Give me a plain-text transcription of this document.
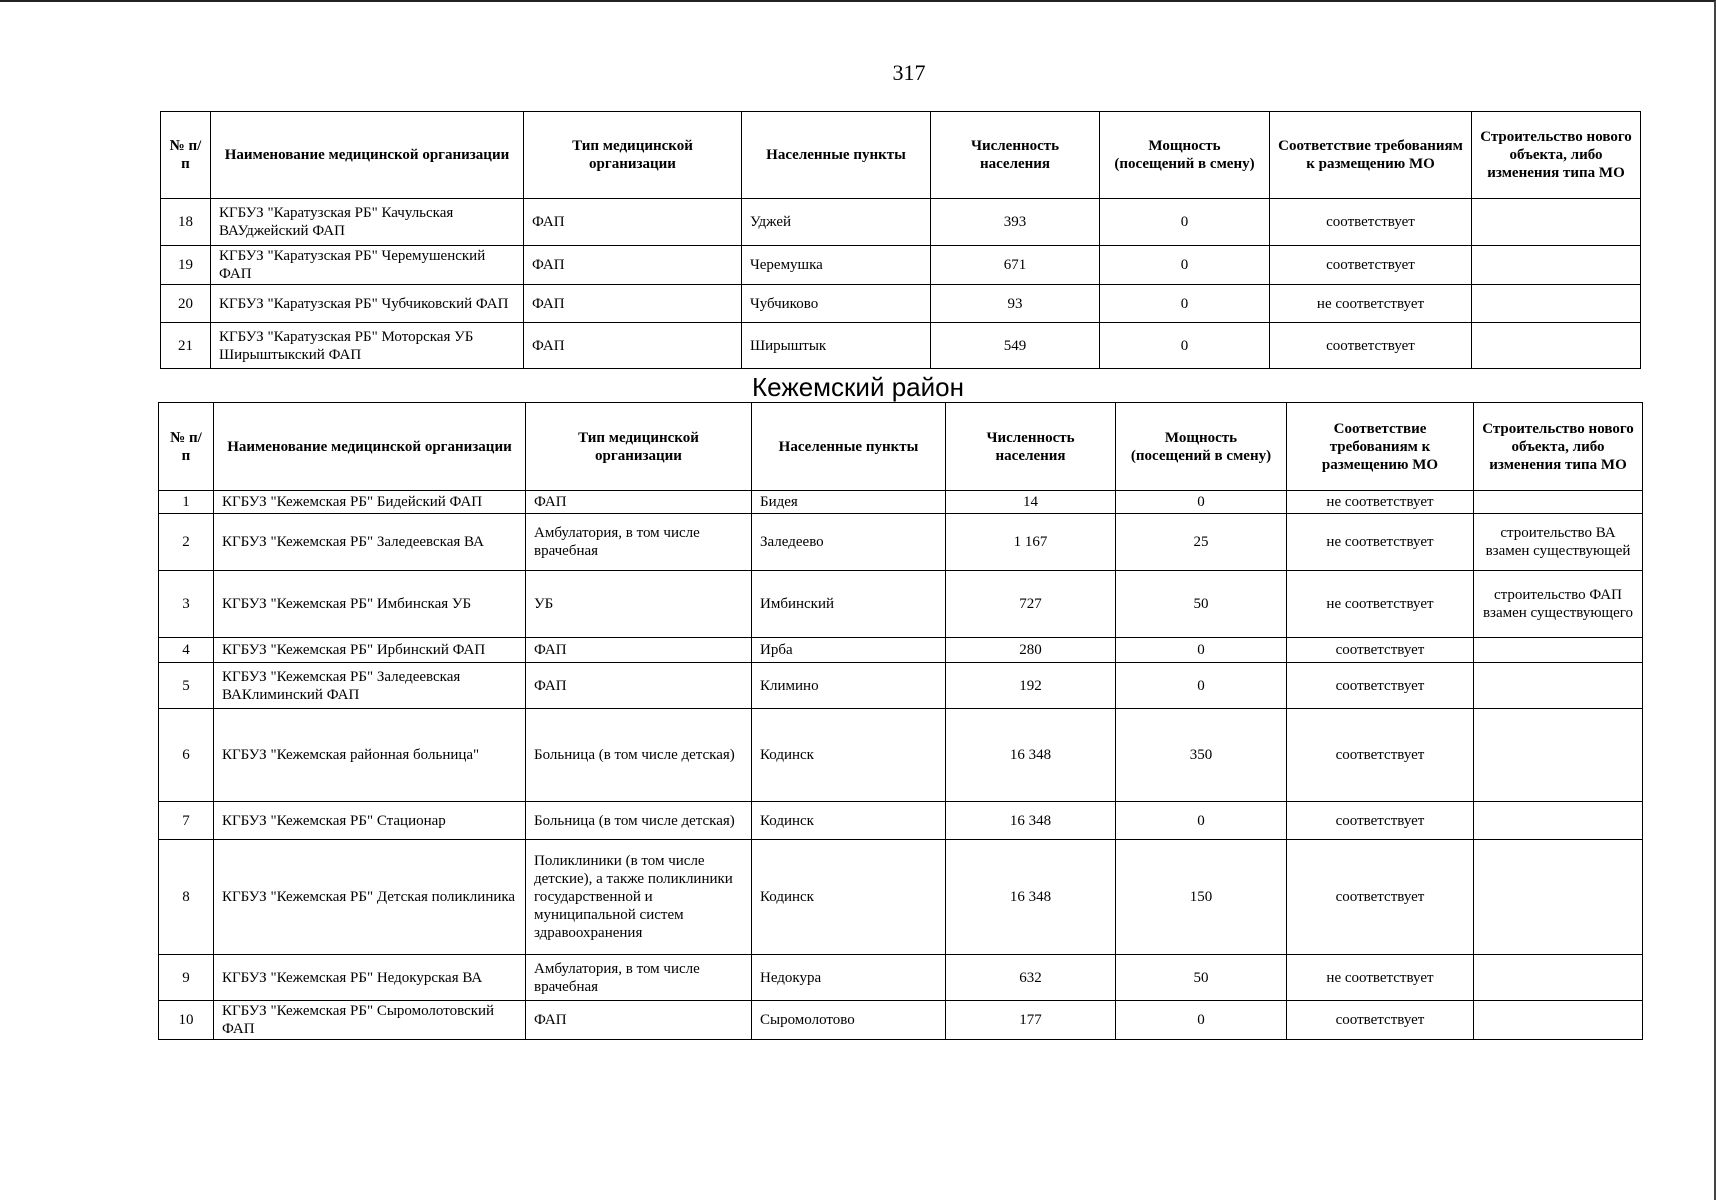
317
№ п/п	Наименование медицинской организации	Тип медицинской организации	Населенные пункты	Численность населения	Мощность (посещений в смену)	Соответствие требованиям к размещению МО	Строительство нового объекта, либо изменения типа МО
18	КГБУЗ "Каратузская РБ" Качульская ВАУджейский ФАП	ФАП	Уджей	393	0	соответствует	
19	КГБУЗ "Каратузская РБ" Черемушенский ФАП	ФАП	Черемушка	671	0	соответствует	
20	КГБУЗ "Каратузская РБ" Чубчиковский ФАП	ФАП	Чубчиково	93	0	не соответствует	
21	КГБУЗ "Каратузская РБ" Моторская УБ Ширыштыкский ФАП	ФАП	Ширыштык	549	0	соответствует	
Кежемский район
№ п/п	Наименование медицинской организации	Тип медицинской организации	Населенные пункты	Численность населения	Мощность (посещений в смену)	Соответствие требованиям к размещению МО	Строительство нового объекта, либо изменения типа МО
1	КГБУЗ "Кежемская РБ" Бидейский ФАП	ФАП	Бидея	14	0	не соответствует	
2	КГБУЗ "Кежемская РБ" Заледеевская ВА	Амбулатория, в том числе врачебная	Заледеево	1 167	25	не соответствует	строительство ВА взамен существующей
3	КГБУЗ "Кежемская РБ" Имбинская УБ	УБ	Имбинский	727	50	не соответствует	строительство ФАП взамен существующего
4	КГБУЗ "Кежемская РБ" Ирбинский ФАП	ФАП	Ирба	280	0	соответствует	
5	КГБУЗ "Кежемская РБ" Заледеевская ВАКлиминский ФАП	ФАП	Климино	192	0	соответствует	
6	КГБУЗ "Кежемская районная больница"	Больница (в том числе детская)	Кодинск	16 348	350	соответствует	
7	КГБУЗ "Кежемская РБ" Стационар	Больница (в том числе детская)	Кодинск	16 348	0	соответствует	
8	КГБУЗ "Кежемская РБ" Детская поликлиника	Поликлиники (в том числе детские), а также поликлиники государственной и муниципальной систем здравоохранения	Кодинск	16 348	150	соответствует	
9	КГБУЗ "Кежемская РБ" Недокурская ВА	Амбулатория, в том числе врачебная	Недокура	632	50	не соответствует	
10	КГБУЗ "Кежемская РБ" Сыромолотовский ФАП	ФАП	Сыромолотово	177	0	соответствует	
